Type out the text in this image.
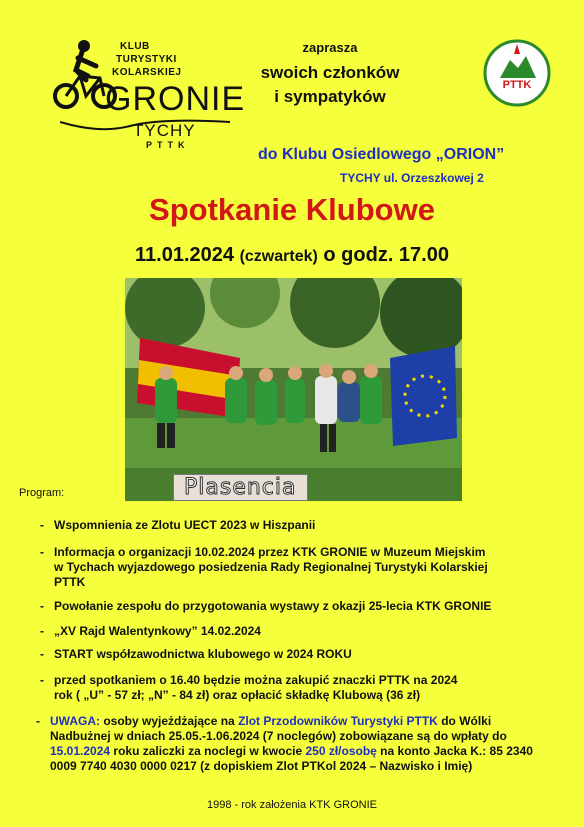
KLUB
TURYSTYKI
KOLARSKIEJ
GRONIE
TYCHY
PTTK
zaprasza
swoich członków
i sympatyków
PTTK
do Klubu Osiedlowego „ORION”
TYCHY ul. Orzeszkowej 2
Spotkanie Klubowe
11.01.2024 (czwartek) o godz. 17.00
Plasencia
Program:
- Wspomnienia ze Zlotu UECT 2023 w Hiszpanii
- Informacja o organizacji 10.02.2024 przez KTK GRONIE w Muzeum Miejskim w Tychach wyjazdowego posiedzenia Rady Regionalnej Turystyki Kolarskiej PTTK
- Powołanie zespołu do przygotowania wystawy z okazji 25-lecia KTK GRONIE
- „XV Rajd Walentynkowy” 14.02.2024
- START współzawodnictwa klubowego w 2024 ROKU
- przed spotkaniem o 16.40 będzie można zakupić znaczki PTTK na 2024 rok ( „U” - 57 zł; „N” - 84 zł) oraz opłacić składkę Klubową (36 zł)
- UWAGA: osoby wyjeżdżające na Zlot Przodowników Turystyki PTTK do Wólki Nadbużnej w dniach 25.05.-1.06.2024 (7 noclegów) zobowiązane są do wpłaty do 15.01.2024 roku zaliczki za noclegi w kwocie 250 zł/osobę na konto Jacka K.: 85 2340 0009 7740 4030 0000 0217 (z dopiskiem Zlot PTKol 2024 – Nazwisko i Imię)
1998 - rok założenia KTK GRONIE
